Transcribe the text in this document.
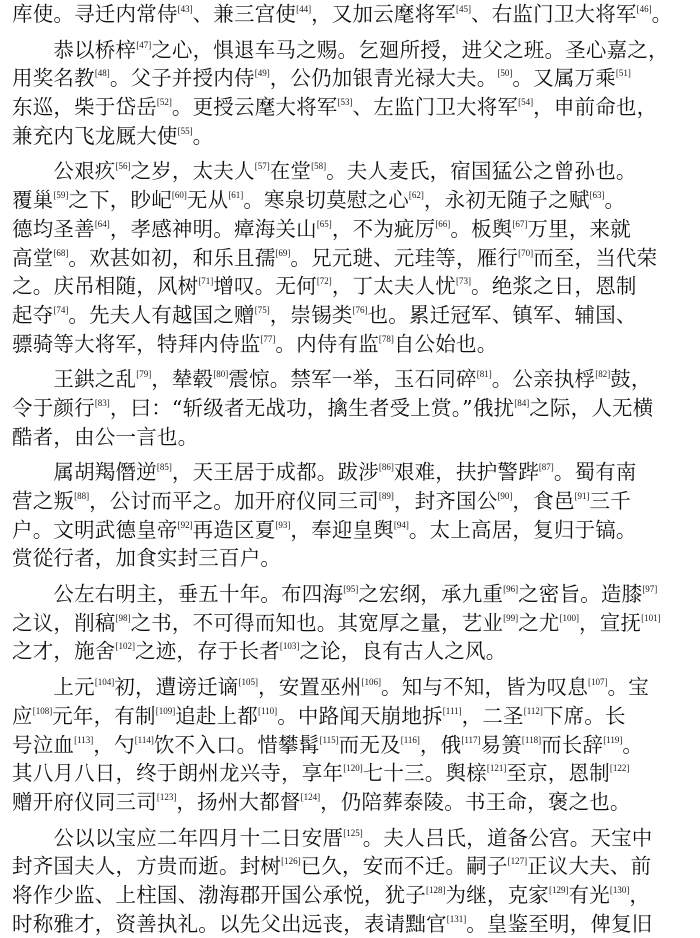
库使。寻迁内常侍[43]、兼三宫使[44]，又加云麾将军[45]、右监门卫大将军[46]。
　　恭以桥梓[47]之心，惧退车马之赐。乞廻所授，进父之班。圣心嘉之，
用奖名教[48]。父子并授内侍[49]，公仍加银青光禄大夫。[50]。又属万乘[51]
东巡，柴于岱岳[52]。更授云麾大将军[53]、左监门卫大将军[54]，申前命也，
兼充内飞龙厩大使[55]。
　　公艰疚[56]之岁，太夫人[57]在堂[58]。夫人麦氏，宿国猛公之曾孙也。
覆巢[59]之下，眇屺[60]无从[61]。寒泉切莫慰之心[62]，永初无随子之赋[63]。
德均圣善[64]，孝感神明。瘴海关山[65]，不为疵厉[66]。板舆[67]万里，来就
高堂[68]。欢甚如初，和乐且孺[69]。兄元琎、元珪等，雁行[70]而至，当代荣
之。庆吊相随，风树[71]增叹。无何[72]，丁太夫人忧[73]。绝浆之日，恩制
起夺[74]。先夫人有越国之赠[75]，崇锡类[76]也。累迁冠军、镇军、辅国、
骠骑等大将军，特拜内侍监[77]。内侍有监[78]自公始也。
　　王鉷之乱[79]，辇毂[80]震惊。禁军一举，玉石同碎[81]。公亲执桴[82]鼓，
令于颜行[83]，曰：“斩级者无战功，擒生者受上赏。”俄扰[84]之际，人无横
酷者，由公一言也。
　　属胡羯僭逆[85]，天王居于成都。跋涉[86]艰难，扶护警跸[87]。蜀有南
营之叛[88]，公讨而平之。加开府仪同三司[89]，封齐国公[90]，食邑[91]三千
户。文明武德皇帝[92]再造区夏[93]，奉迎皇舆[94]。太上高居，复归于镐。
赏從行者，加食实封三百户。
　　公左右明主，垂五十年。布四海[95]之宏纲，承九重[96]之密旨。造膝[97]
之议，削稿[98]之书，不可得而知也。其宽厚之量，艺业[99]之尤[100]，宣抚[101]
之才，施舍[102]之迹，存于长者[103]之论，良有古人之风。
　　上元[104]初，遭谤迁谪[105]，安置巫州[106]。知与不知，皆为叹息[107]。宝
应[108]元年，有制[109]追赴上都[110]。中路闻天崩地拆[111]，二圣[112]下席。长
号泣血[113]，勺[114]饮不入口。惜攀髯[115]而无及[116]，俄[117]易箦[118]而长辞[119]。
其八月八日，终于朗州龙兴寺，享年[120]七十三。舆榇[121]至京，恩制[122]
赠开府仪同三司[123]，扬州大都督[124]，仍陪葬泰陵。书王命，褒之也。
　　公以以宝应二年四月十二日安厝[125]。夫人吕氏，道备公宫。天宝中
封齐国夫人，方贵而逝。封树[126]已久，安而不迁。嗣子[127]正议大夫、前
将作少监、上柱国、渤海郡开国公承悦，犹子[128]为继，克家[129]有光[130]，
时称雅才，资善执礼。以先父出远丧，表请黜官[131]。皇鉴至明，俾复旧
